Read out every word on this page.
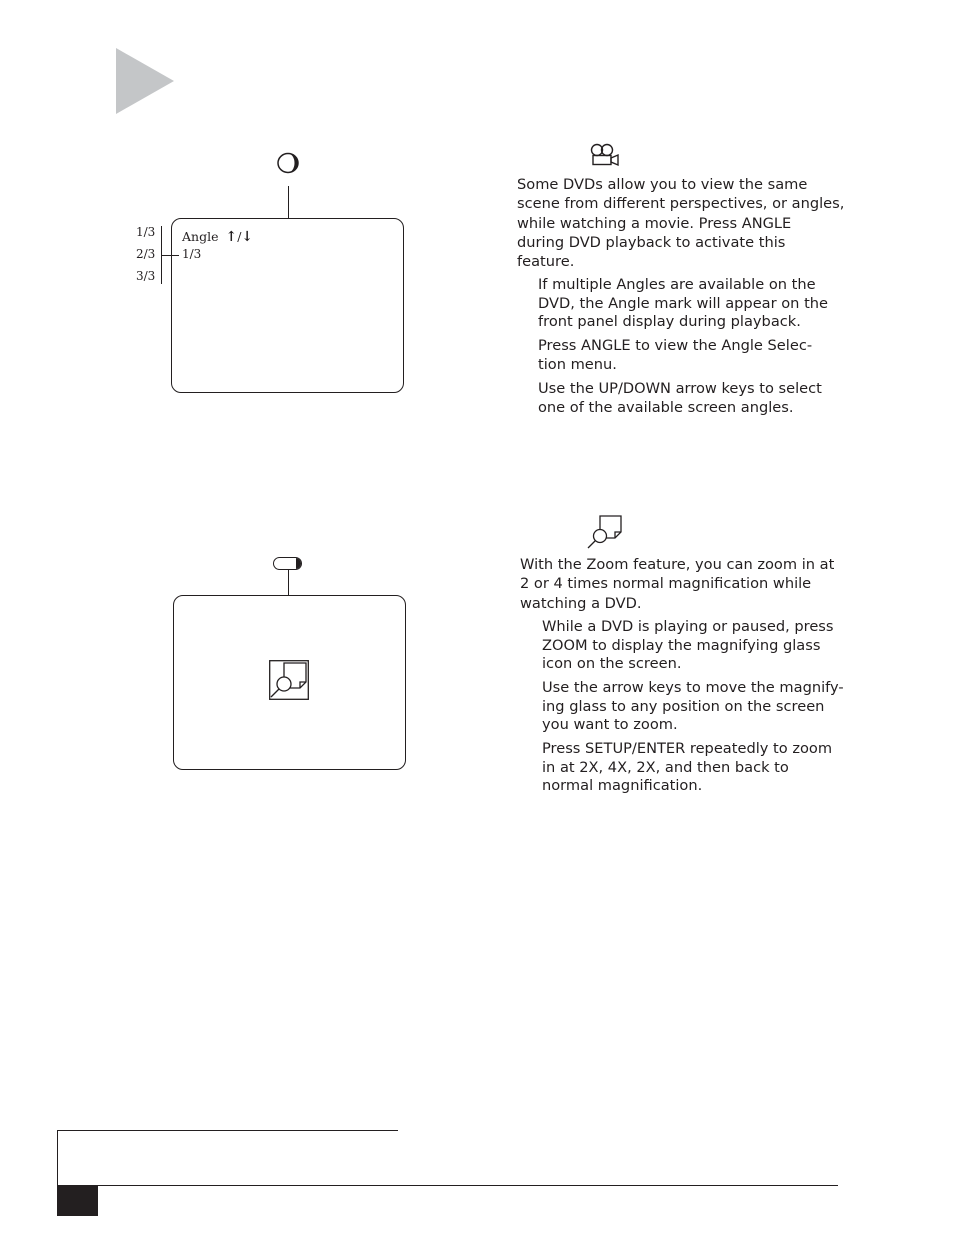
Angle ↑/↓
1/3
1/3
2/3
3/3
Some DVDs allow you to view the same
scene from different perspectives, or angles,
while watching a movie. Press ANGLE
during DVD playback to activate this
feature.
If multiple Angles are available on the
DVD, the Angle mark will appear on the
front panel display during playback.
Press ANGLE to view the Angle Selec-
tion menu.
Use the UP/DOWN arrow keys to select
one of the available screen angles.
With the Zoom feature, you can zoom in at
2 or 4 times normal magnification while
watching a DVD.
While a DVD is playing or paused, press
ZOOM to display the magnifying glass
icon on the screen.
Use the arrow keys to move the magnify-
ing glass to any position on the screen
you want to zoom.
Press SETUP/ENTER repeatedly to zoom
in at 2X, 4X, 2X, and then back to
normal magnification.
